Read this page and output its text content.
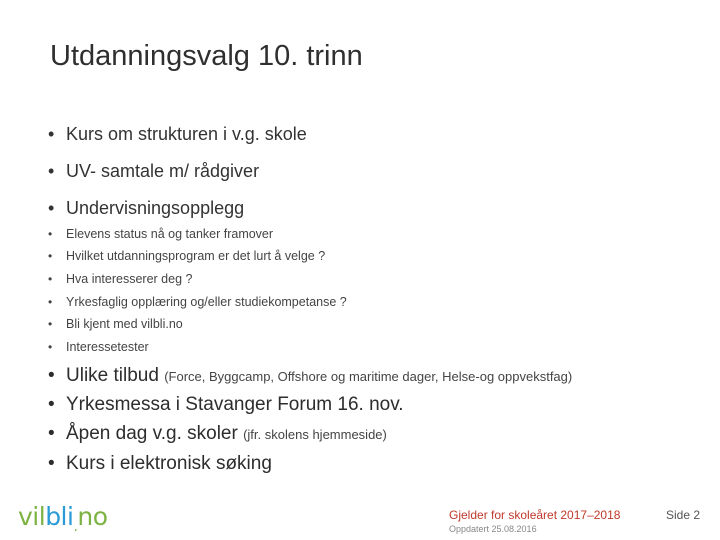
Utdanningsvalg 10. trinn
• Kurs om strukturen i v.g. skole
• UV- samtale m/ rådgiver
• Undervisningsopplegg
• Elevens status nå og tanker framover
• Hvilket utdanningsprogram er det lurt å velge ?
• Hva interesserer deg ?
• Yrkesfaglig opplæring og/eller studiekompetanse ?
• Bli kjent med vilbli.no
• Interessetester
• Ulike tilbud (Force, Byggcamp, Offshore og maritime dager, Helse-og oppvekstfag)
• Yrkesmessa i Stavanger Forum 16. nov.
• Åpen dag v.g. skoler (jfr. skolens hjemmeside)
• Kurs i elektronisk søking
vilbli$_.$no	Gjelder for skoleåret 2017–2018
Oppdatert 25.08.2016
Side 2
